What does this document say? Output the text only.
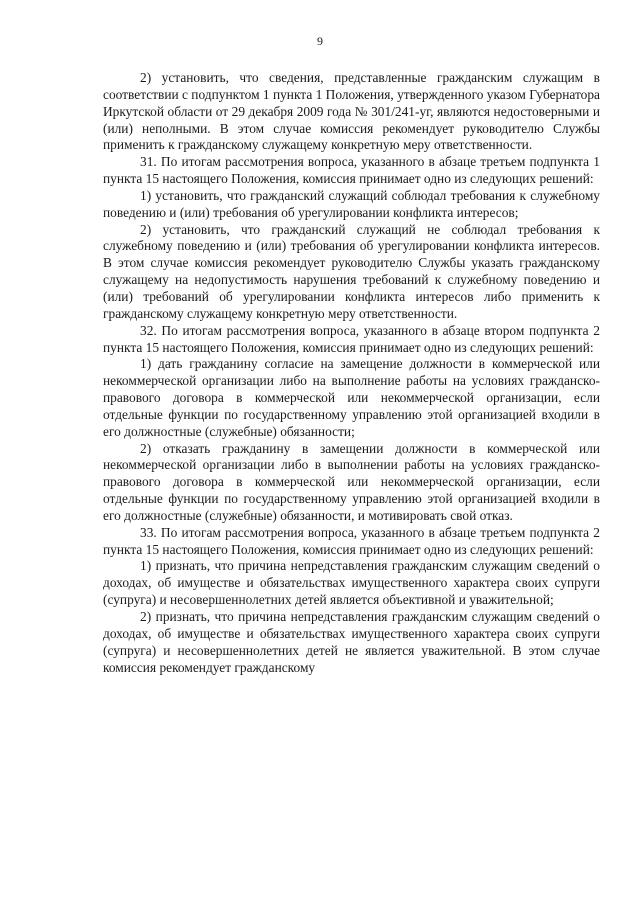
9

2) установить, что сведения, представленные гражданским служащим в соответствии с подпунктом 1 пункта 1 Положения, утвержденного указом Губернатора Иркутской области от 29 декабря 2009 года № 301/241-уг, являются недостоверными и (или) неполными. В этом случае комиссия рекомендует руководителю Службы применить к гражданскому служащему конкретную меру ответственности.

31. По итогам рассмотрения вопроса, указанного в абзаце третьем подпункта 1 пункта 15 настоящего Положения, комиссия принимает одно из следующих решений:

1) установить, что гражданский служащий соблюдал требования к служебному поведению и (или) требования об урегулировании конфликта интересов;

2) установить, что гражданский служащий не соблюдал требования к служебному поведению и (или) требования об урегулировании конфликта интересов. В этом случае комиссия рекомендует руководителю Службы указать гражданскому служащему на недопустимость нарушения требований к служебному поведению и (или) требований об урегулировании конфликта интересов либо применить к гражданскому служащему конкретную меру ответственности.

32. По итогам рассмотрения вопроса, указанного в абзаце втором подпункта 2 пункта 15 настоящего Положения, комиссия принимает одно из следующих решений:

1) дать гражданину согласие на замещение должности в коммерческой или некоммерческой организации либо на выполнение работы на условиях гражданско-правового договора в коммерческой или некоммерческой организации, если отдельные функции по государственному управлению этой организацией входили в его должностные (служебные) обязанности;

2) отказать гражданину в замещении должности в коммерческой или некоммерческой организации либо в выполнении работы на условиях гражданско-правового договора в коммерческой или некоммерческой организации, если отдельные функции по государственному управлению этой организацией входили в его должностные (служебные) обязанности, и мотивировать свой отказ.

33. По итогам рассмотрения вопроса, указанного в абзаце третьем подпункта 2 пункта 15 настоящего Положения, комиссия принимает одно из следующих решений:

1) признать, что причина непредставления гражданским служащим сведений о доходах, об имуществе и обязательствах имущественного характера своих супруги (супруга) и несовершеннолетних детей является объективной и уважительной;

2) признать, что причина непредставления гражданским служащим сведений о доходах, об имуществе и обязательствах имущественного характера своих супруги (супруга) и несовершеннолетних детей не является уважительной. В этом случае комиссия рекомендует гражданскому
